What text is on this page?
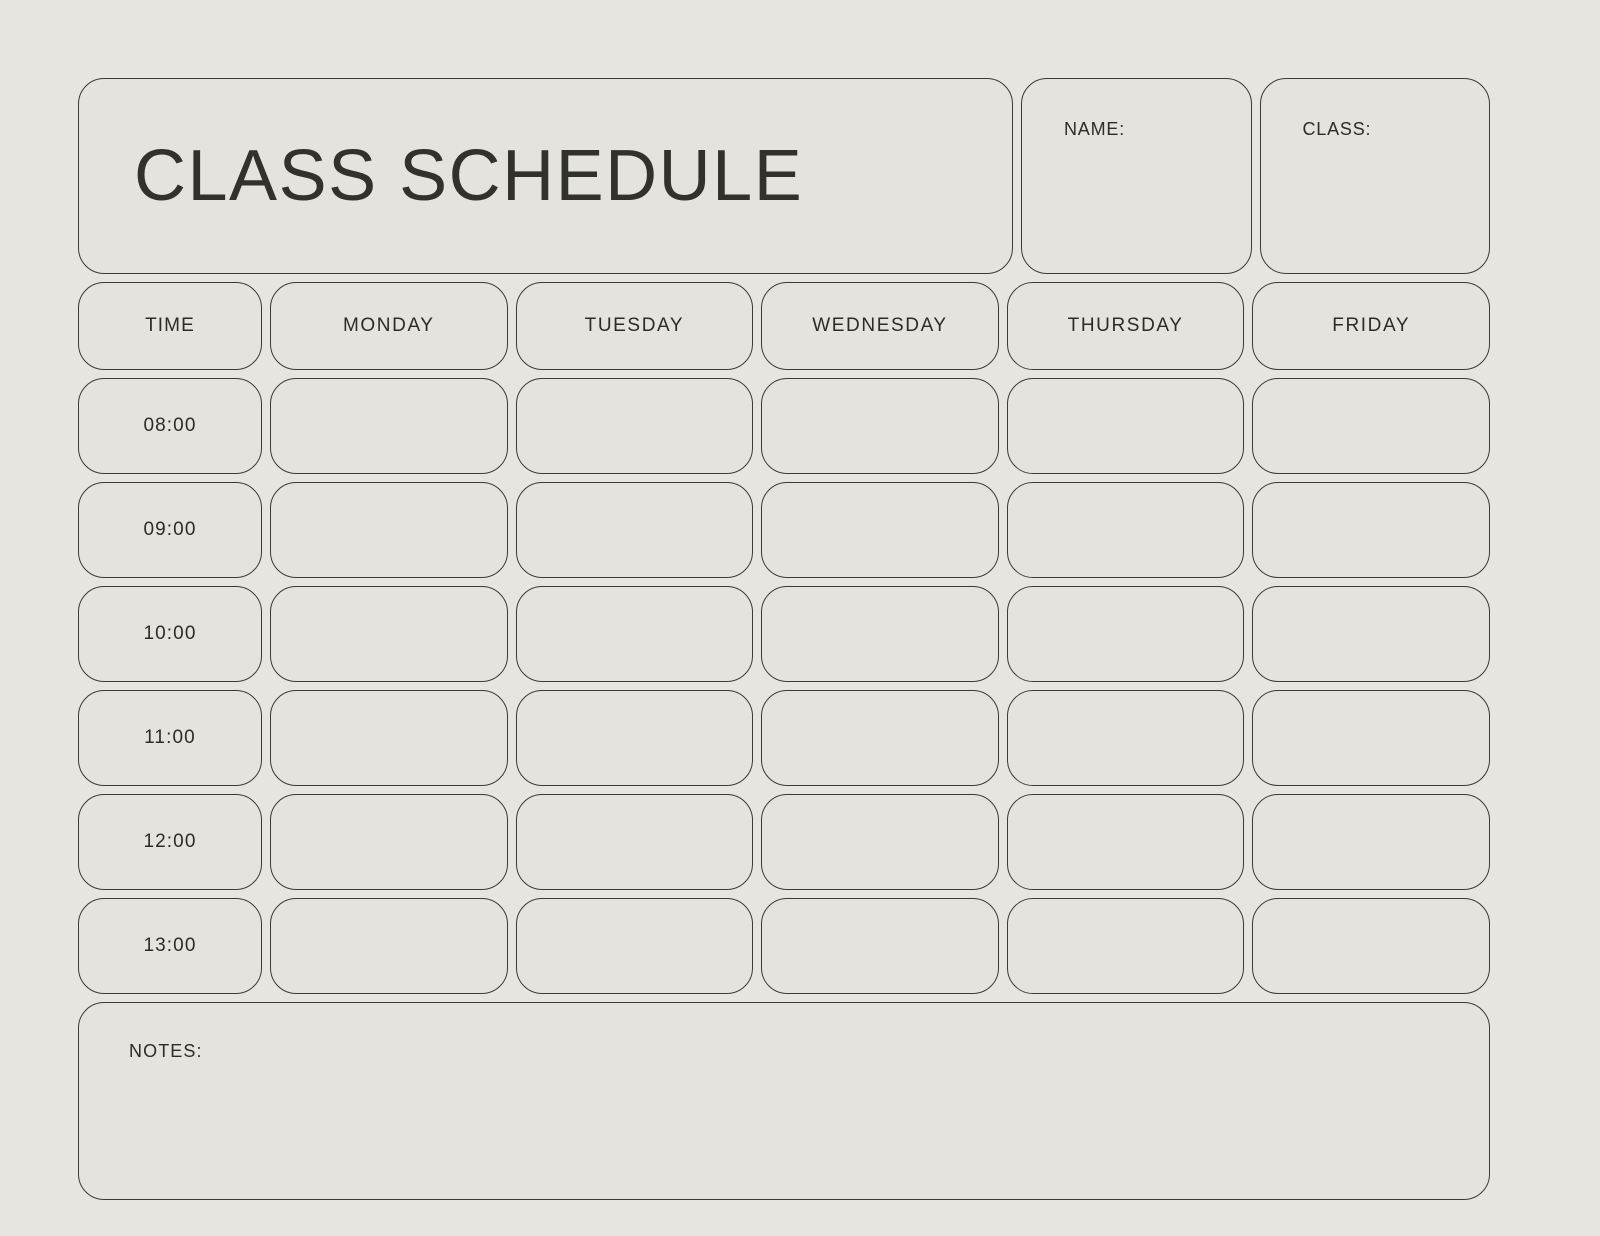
CLASS SCHEDULE
NAME:	CLASS:
TIME	MONDAY	TUESDAY	WEDNESDAY	THURSDAY	FRIDAY
08:00
09:00
10:00
11:00
12:00
13:00
NOTES:
